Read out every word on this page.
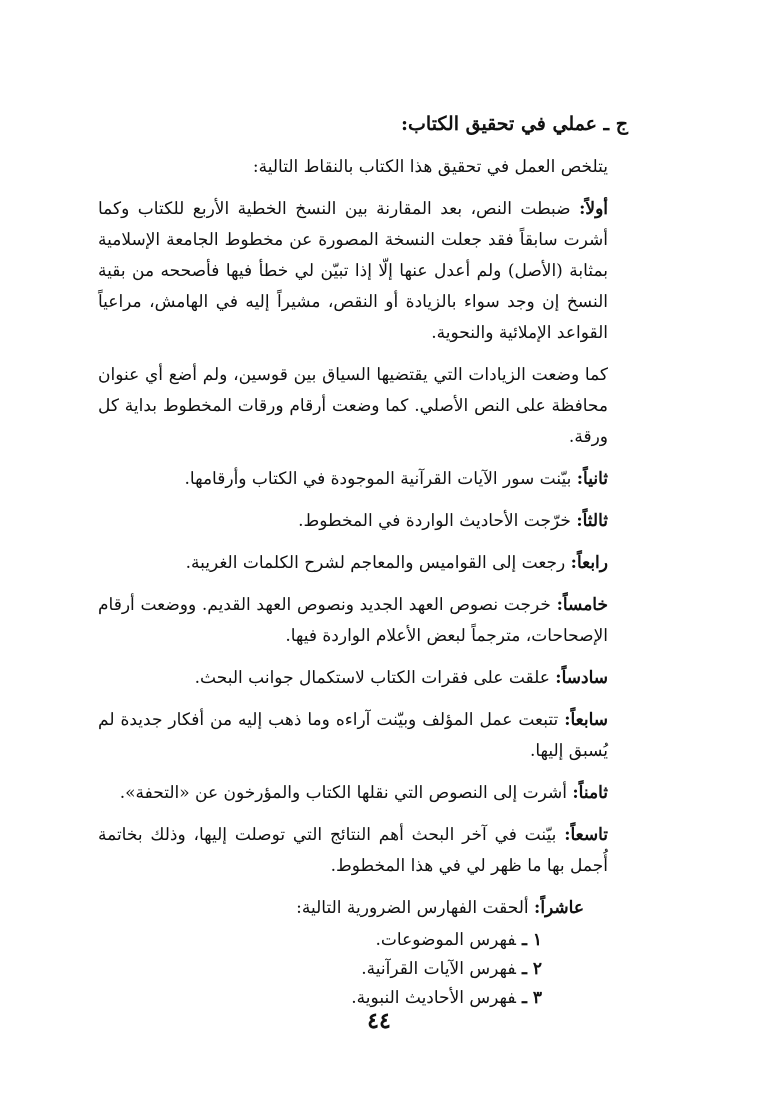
ج ـ عملي في تحقيق الكتاب:

يتلخص العمل في تحقيق هذا الكتاب بالنقاط التالية:

أولاً: ضبطت النص، بعد المقارنة بين النسخ الخطية الأربع للكتاب وكما أشرت سابقاً فقد جعلت النسخة المصورة عن مخطوط الجامعة الإسلامية بمثابة (الأصل) ولم أعدل عنها إلّا إذا تبيّن لي خطأ فيها فأصححه من بقية النسخ إن وجد سواء بالزيادة أو النقص، مشيراً إليه في الهامش، مراعياً القواعد الإملائية والنحوية.

كما وضعت الزيادات التي يقتضيها السياق بين قوسين، ولم أضع أي عنوان محافظة على النص الأصلي. كما وضعت أرقام ورقات المخطوط بداية كل ورقة.

ثانياً: بيّنت سور الآيات القرآنية الموجودة في الكتاب وأرقامها.

ثالثاً: خرّجت الأحاديث الواردة في المخطوط.

رابعاً: رجعت إلى القواميس والمعاجم لشرح الكلمات الغريبة.

خامساً: خرجت نصوص العهد الجديد ونصوص العهد القديم. ووضعت أرقام الإصحاحات، مترجماً لبعض الأعلام الواردة فيها.

سادساً: علقت على فقرات الكتاب لاستكمال جوانب البحث.

سابعاً: تتبعت عمل المؤلف وبيّنت آراءه وما ذهب إليه من أفكار جديدة لم يُسبق إليها.

ثامناً: أشرت إلى النصوص التي نقلها الكتاب والمؤرخون عن «التحفة».

تاسعاً: بيّنت في آخر البحث أهم النتائج التي توصلت إليها، وذلك بخاتمة أُجمل بها ما ظهر لي في هذا المخطوط.

عاشراً: ألحقت الفهارس الضرورية التالية:

١ ـفهرس الموضوعات.
٢ ـفهرس الآيات القرآنية.
٣ ـفهرس الأحاديث النبوية.
٤٤
